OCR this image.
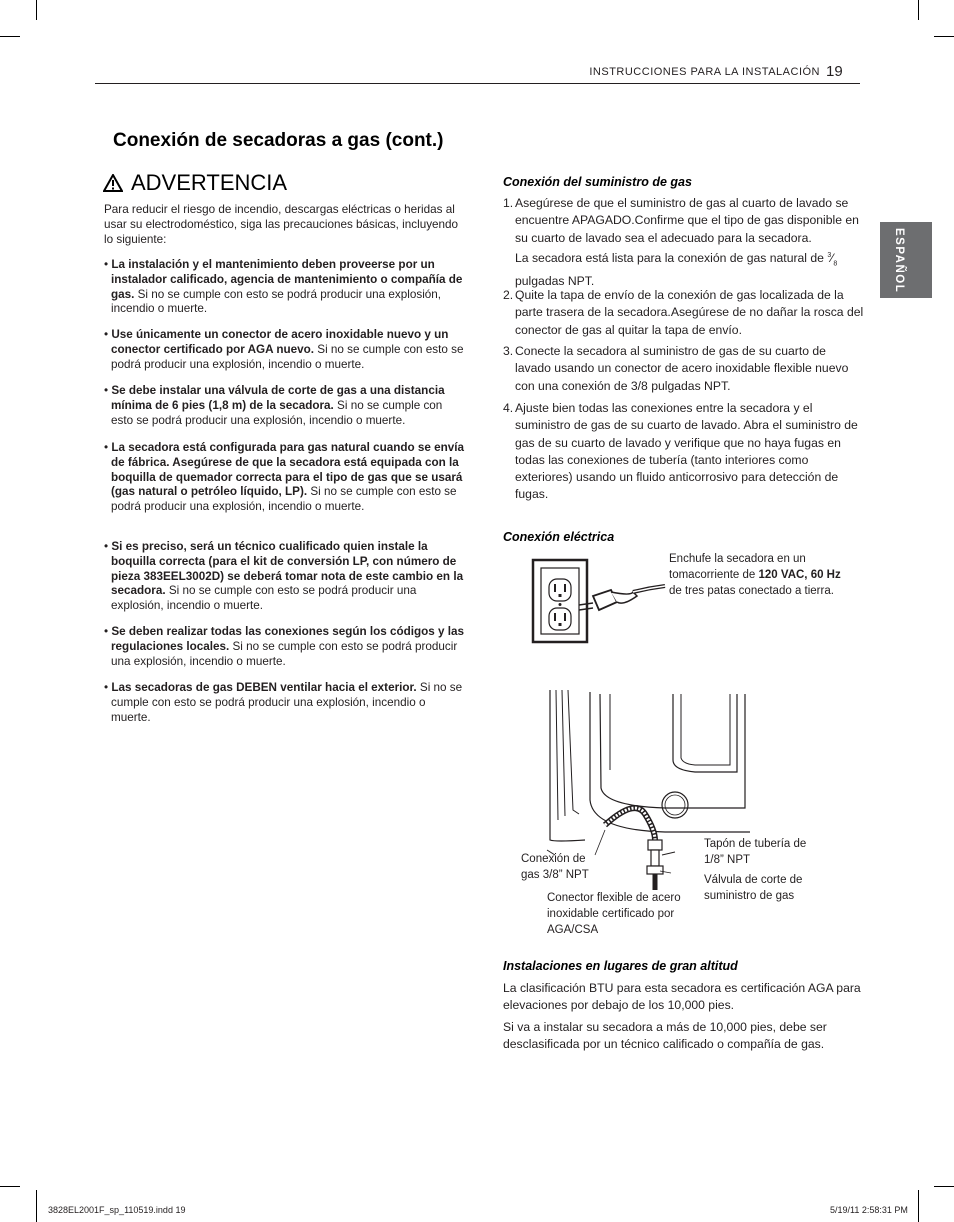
INSTRUCCIONES PARA LA INSTALACIÓN 19
ESPAÑOL
Conexión de secadoras a gas (cont.)
ADVERTENCIA

Para reducir el riesgo de incendio, descargas eléctricas o heridas al usar su electrodoméstico, siga las precauciones básicas, incluyendo lo siguiente:

• La instalación y el mantenimiento deben proveerse por un instalador calificado, agencia de mantenimiento o compañía de gas. Si no se cumple con esto se podrá producir una explosión, incendio o muerte.
• Use únicamente un conector de acero inoxidable nuevo y un conector certificado por AGA nuevo. Si no se cumple con esto se podrá producir una explosión, incendio o muerte.
• Se debe instalar una válvula de corte de gas a una distancia mínima de 6 pies (1,8 m) de la secadora. Si no se cumple con esto se podrá producir una explosión, incendio o muerte.
• La secadora está configurada para gas natural cuando se envía de fábrica. Asegúrese de que la secadora está equipada con la boquilla de quemador correcta para el tipo de gas que se usará (gas natural o petróleo líquido, LP). Si no se cumple con esto se podrá producir una explosión, incendio o muerte.
• Si es preciso, será un técnico cualificado quien instale la boquilla correcta (para el kit de conversión LP, con número de pieza 383EEL3002D) se deberá tomar nota de este cambio en la secadora. Si no se cumple con esto se podrá producir una explosión, incendio o muerte.
• Se deben realizar todas las conexiones según los códigos y las regulaciones locales. Si no se cumple con esto se podrá producir una explosión, incendio o muerte.
• Las secadoras de gas DEBEN ventilar hacia el exterior. Si no se cumple con esto se podrá producir una explosión, incendio o muerte.
Conexión del suministro de gas
1. Asegúrese de que el suministro de gas al cuarto de lavado se encuentre APAGADO.Confirme que el tipo de gas disponible en su cuarto de lavado sea el adecuado para la secadora.
La secadora está lista para la conexión de gas natural de $^3⁄_8$
pulgadas NPT.
2. Quite la tapa de envío de la conexión de gas localizada de la parte trasera de la secadora.Asegúrese de no dañar la rosca del conector de gas al quitar la tapa de envío.
3. Conecte la secadora al suministro de gas de su cuarto de lavado usando un conector de acero inoxidable flexible nuevo con una conexión de 3/8 pulgadas NPT.
4. Ajuste bien todas las conexiones entre la secadora y el suministro de gas de su cuarto de lavado. Abra el suministro de gas de su cuarto de lavado y verifique que no haya fugas en todas las conexiones de tubería (tanto interiores como exteriores) usando un fluido anticorrosivo para detección de fugas.
Conexión eléctrica
Enchufe la secadora en un tomacorriente de 120 VAC, 60 Hz de tres patas conectado a tierra.
Conexión de gas 3/8” NPT
Tapón de tubería de 1/8” NPT
Válvula de corte de suministro de gas
Conector flexible de acero inoxidable certificado por AGA/CSA
Instalaciones en lugares de gran altitud
La clasificación BTU para esta secadora es certificación AGA para elevaciones por debajo de los 10,000 pies.
Si va a instalar su secadora a más de 10,000 pies, debe ser desclasificada por un técnico calificado o compañía de gas.
3828EL2001F_sp_110519.indd 19	5/19/11 2:58:31 PM
